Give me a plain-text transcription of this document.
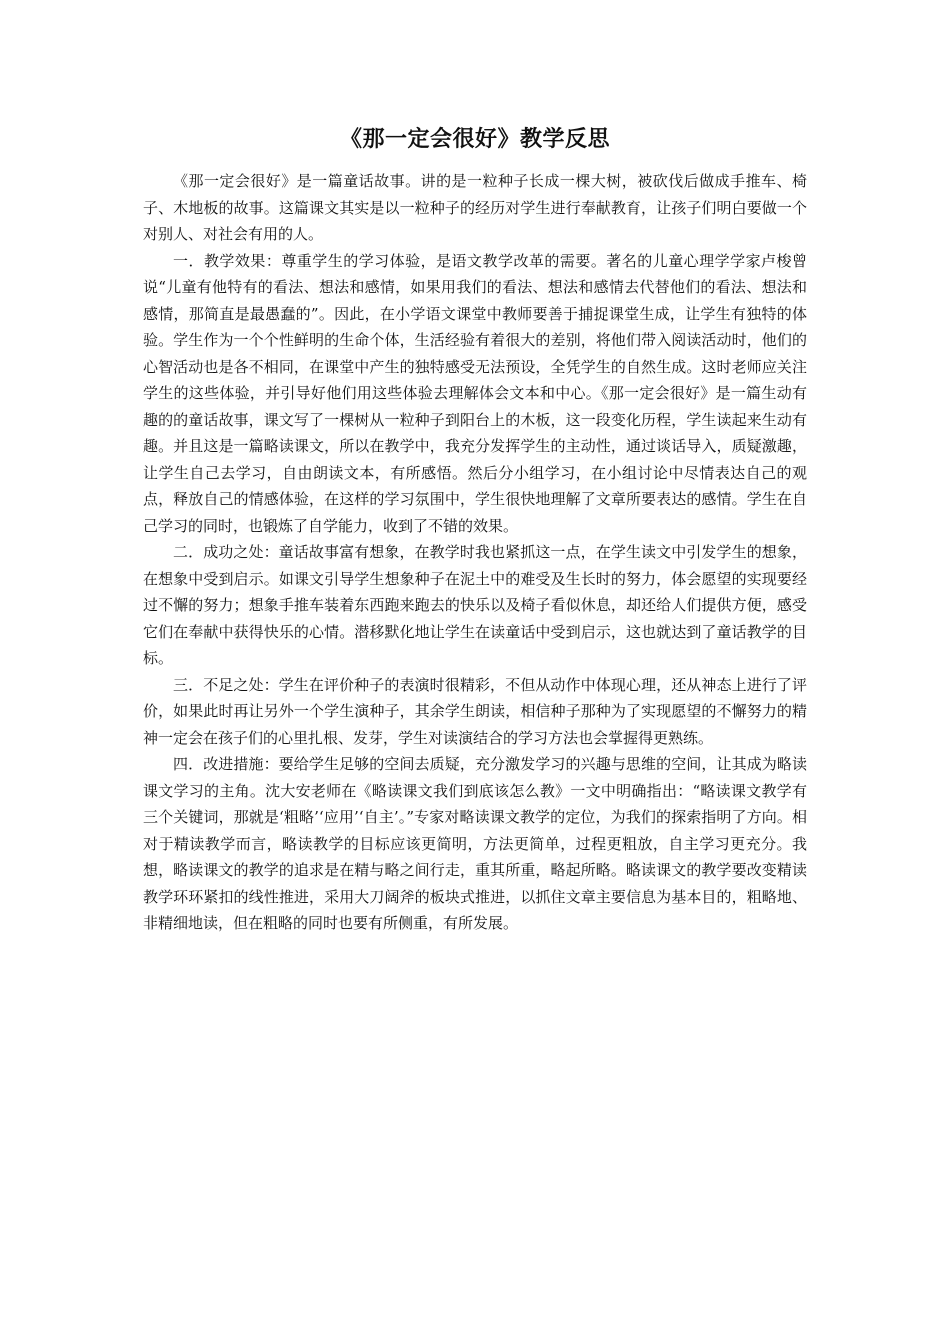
《那一定会很好》教学反思

《那一定会很好》是一篇童话故事。讲的是一粒种子长成一棵大树，被砍伐后做成手推车、椅子、木地板的故事。这篇课文其实是以一粒种子的经历对学生进行奉献教育，让孩子们明白要做一个对别人、对社会有用的人。

一．教学效果：尊重学生的学习体验，是语文教学改革的需要。著名的儿童心理学学家卢梭曾说“儿童有他特有的看法、想法和感情，如果用我们的看法、想法和感情去代替他们的看法、想法和感情，那简直是最愚蠢的”。因此，在小学语文课堂中教师要善于捕捉课堂生成，让学生有独特的体验。学生作为一个个性鲜明的生命个体，生活经验有着很大的差别，将他们带入阅读活动时，他们的心智活动也是各不相同，在课堂中产生的独特感受无法预设，全凭学生的自然生成。这时老师应关注学生的这些体验，并引导好他们用这些体验去理解体会文本和中心。《那一定会很好》是一篇生动有趣的的童话故事，课文写了一棵树从一粒种子到阳台上的木板，这一段变化历程，学生读起来生动有趣。并且这是一篇略读课文，所以在教学中，我充分发挥学生的主动性，通过谈话导入，质疑激趣，让学生自己去学习，自由朗读文本，有所感悟。然后分小组学习，在小组讨论中尽情表达自己的观点，释放自己的情感体验，在这样的学习氛围中，学生很快地理解了文章所要表达的感情。学生在自己学习的同时，也锻炼了自学能力，收到了不错的效果。

二．成功之处：童话故事富有想象，在教学时我也紧抓这一点，在学生读文中引发学生的想象，在想象中受到启示。如课文引导学生想象种子在泥土中的难受及生长时的努力，体会愿望的实现要经过不懈的努力；想象手推车装着东西跑来跑去的快乐以及椅子看似休息，却还给人们提供方便，感受它们在奉献中获得快乐的心情。潜移默化地让学生在读童话中受到启示，这也就达到了童话教学的目标。

三．不足之处：学生在评价种子的表演时很精彩，不但从动作中体现心理，还从神态上进行了评价，如果此时再让另外一个学生演种子，其余学生朗读，相信种子那种为了实现愿望的不懈努力的精神一定会在孩子们的心里扎根、发芽，学生对读演结合的学习方法也会掌握得更熟练。

四．改进措施：要给学生足够的空间去质疑，充分激发学习的兴趣与思维的空间，让其成为略读课文学习的主角。沈大安老师在《略读课文我们到底该怎么教》一文中明确指出：“略读课文教学有三个关键词，那就是‘粗略’‘应用’‘自主’。”专家对略读课文教学的定位，为我们的探索指明了方向。相对于精读教学而言，略读教学的目标应该更简明，方法更简单，过程更粗放，自主学习更充分。我想，略读课文的教学的追求是在精与略之间行走，重其所重，略起所略。略读课文的教学要改变精读教学环环紧扣的线性推进，采用大刀阔斧的板块式推进，以抓住文章主要信息为基本目的，粗略地、非精细地读，但在粗略的同时也要有所侧重，有所发展。
